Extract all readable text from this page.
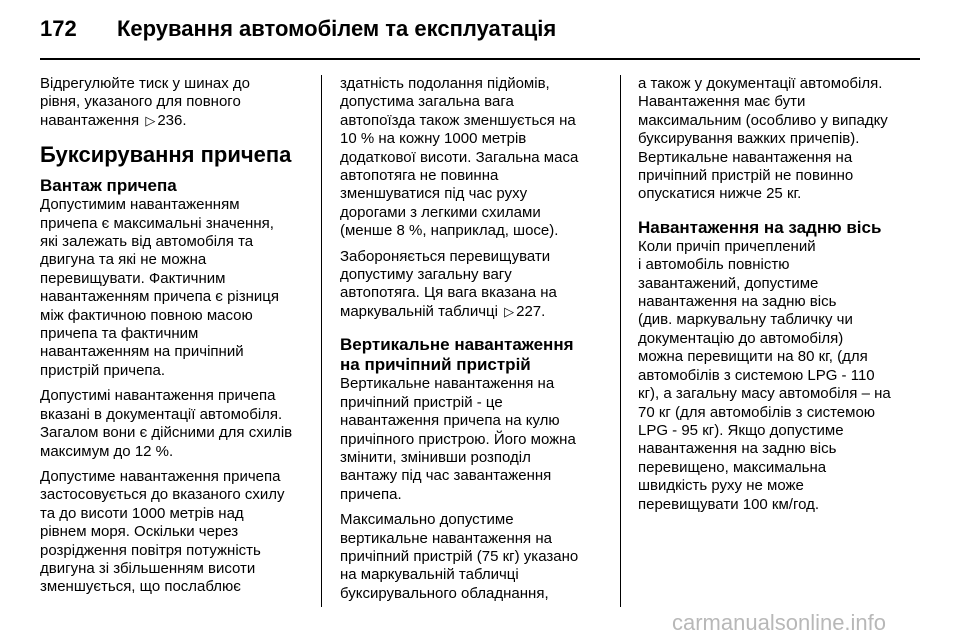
172 Керування автомобілем та експлуатація

Відрегулюйте тиск у шинах до
рівня, указаного для повного
навантаження ▷ 236.

Буксирування причепа
Вантаж причепа

Допустимим навантаженням
причепа є максимальні значення,
які залежать від автомобіля та
двигуна та які не можна
перевищувати. Фактичним
навантаженням причепа є різниця
між фактичною повною масою
причепа та фактичним
навантаженням на причіпний
пристрій причепа.

Допустимі навантаження причепа
вказані в документації автомобіля.
Загалом вони є дійсними для схилів
максимум до 12 %.

Допустиме навантаження причепа
застосовується до вказаного схилу
та до висоти 1000 метрів над
рівнем моря. Оскільки через
розрідження повітря потужність
двигуна зі збільшенням висоти
зменшується, що послаблює

здатність подолання підйомів,
допустима загальна вага
автопоїзда також зменшується на
10 % на кожну 1000 метрів
додаткової висоти. Загальна маса
автопотяга не повинна
зменшуватися під час руху
дорогами з легкими схилами
(менше 8 %, наприклад, шосе).

Забороняється перевищувати
допустиму загальну вагу
автопотяга. Ця вага вказана на
маркувальній табличці ▷ 227.

Вертикальне навантаження
на причіпний пристрій

Вертикальне навантаження на
причіпний пристрій - це
навантаження причепа на кулю
причіпного пристрою. Його можна
змінити, змінивши розподіл
вантажу під час завантаження
причепа.

Максимально допустиме
вертикальне навантаження на
причіпний пристрій (75 кг) указано
на маркувальній табличці
буксирувального обладнання,

а також у документації автомобіля.
Навантаження має бути
максимальним (особливо у випадку
буксирування важких причепів).
Вертикальне навантаження на
причіпний пристрій не повинно
опускатися нижче 25 кг.

Навантаження на задню вісь

Коли причіп причеплений
і автомобіль повністю
завантажений, допустиме
навантаження на задню вісь
(див. маркувальну табличку чи
документацію до автомобіля)
можна перевищити на 80 кг, (для
автомобілів з системою LPG - 110
кг), а загальну масу автомобіля – на
70 кг (для автомобілів з системою
LPG - 95 кг). Якщо допустиме
навантаження на задню вісь
перевищено, максимальна
швидкість руху не може
перевищувати 100 км/год.

carmanualsonline.info
